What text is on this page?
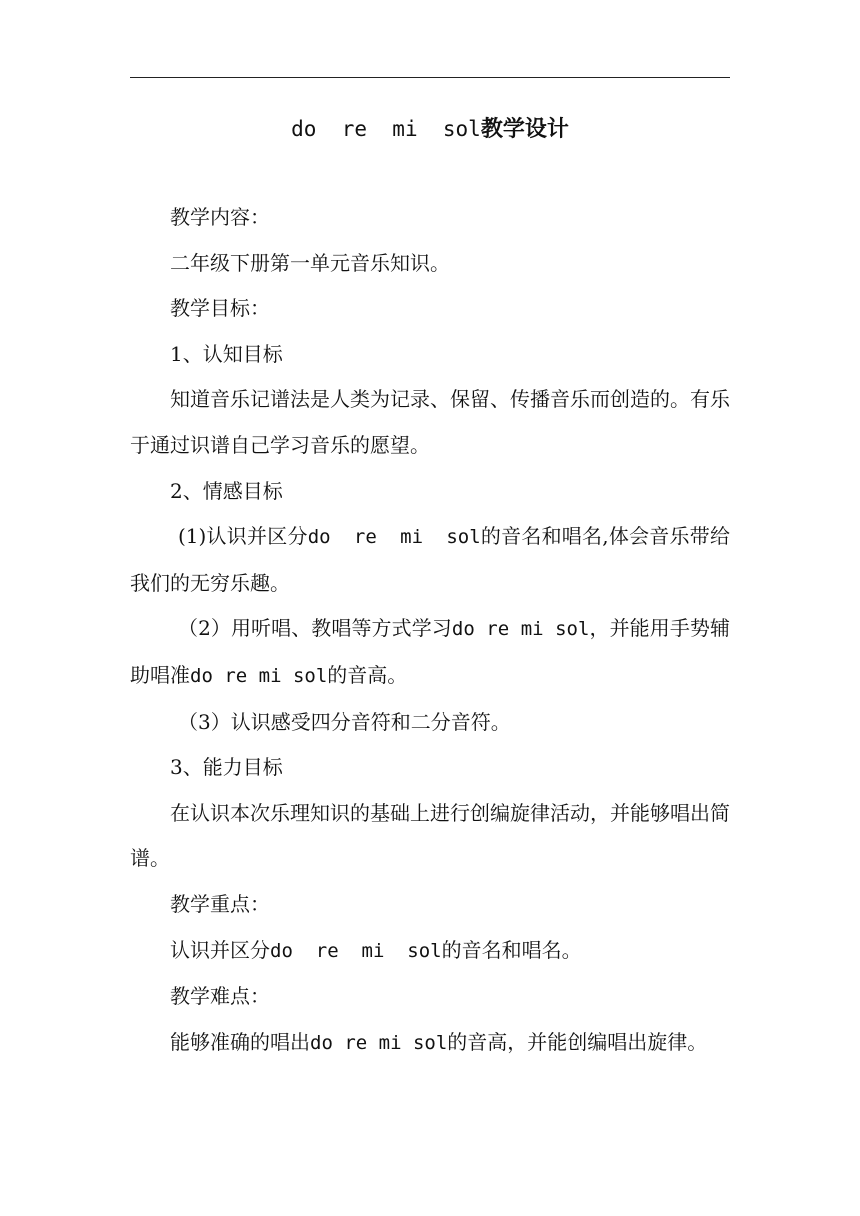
do  re  mi  sol教学设计

教学内容：

二年级下册第一单元音乐知识。

教学目标：

1、认知目标

知道音乐记谱法是人类为记录、保留、传播音乐而创造的。有乐于通过识谱自己学习音乐的愿望。

2、情感目标

(1)认识并区分do  re  mi  sol的音名和唱名,体会音乐带给我们的无穷乐趣。

（2）用听唱、教唱等方式学习do re mi sol，并能用手势辅助唱准do re mi sol的音高。

（3）认识感受四分音符和二分音符。

3、能力目标

在认识本次乐理知识的基础上进行创编旋律活动，并能够唱出简谱。

教学重点：

认识并区分do  re  mi  sol的音名和唱名。

教学难点：

能够准确的唱出do re mi sol的音高，并能创编唱出旋律。
